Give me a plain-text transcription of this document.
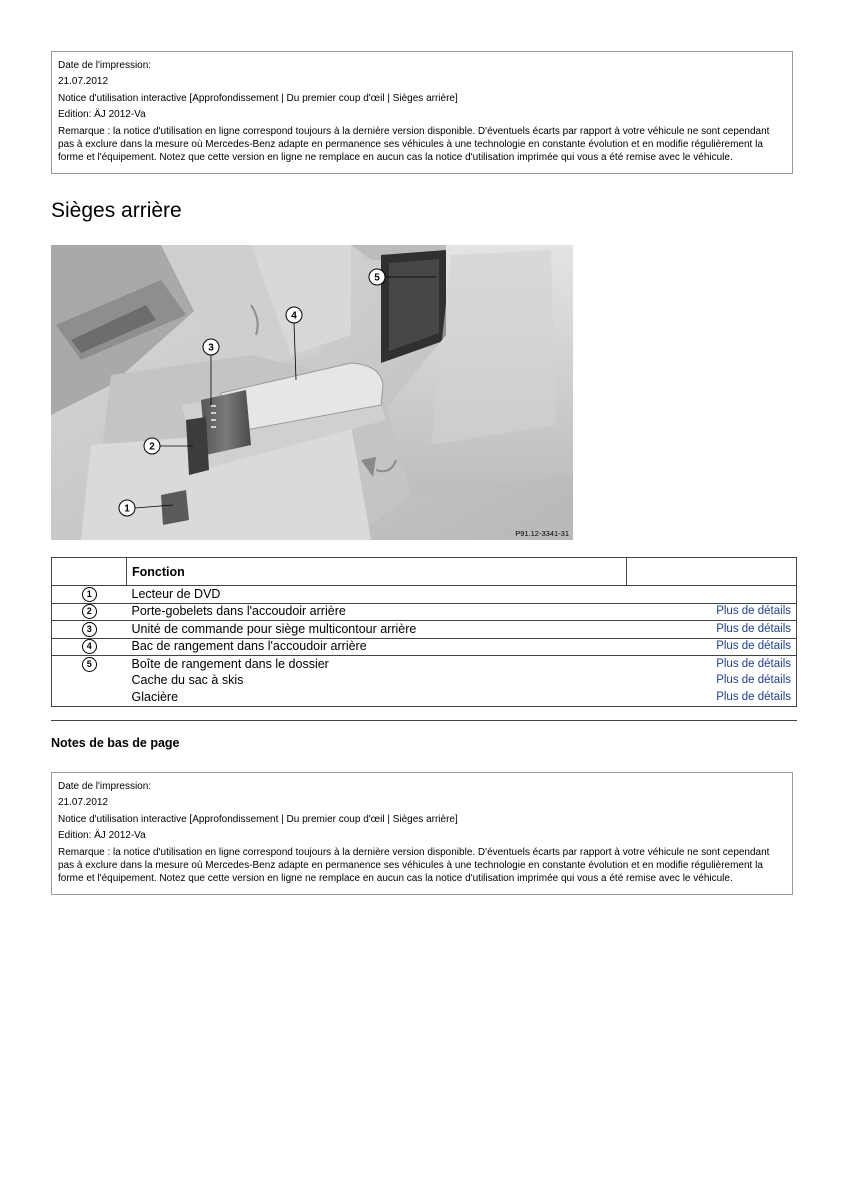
Date de l'impression:

21.07.2012

Notice d'utilisation interactive [Approfondissement | Du premier coup d'œil | Sièges arrière]

Edition: ÄJ 2012-Va

Remarque : la notice d'utilisation en ligne correspond toujours à la dernière version disponible. D'éventuels écarts par rapport à votre véhicule ne sont cependant pas à exclure dans la mesure où Mercedes-Benz adapte en permanence ses véhicules à une technologie en constante évolution et en modifie régulièrement la forme et l'équipement. Notez que cette version en ligne ne remplace en aucun cas la notice d'utilisation imprimée qui vous a été remise avec le véhicule.

Sièges arrière
5
4
3
2
1
P91.12-3341-31
	Fonction	
1	Lecteur de DVD	
2	Porte-gobelets dans l'accoudoir arrière	Plus de détails
3	Unité de commande pour siège multicontour arrière	Plus de détails
4	Bac de rangement dans l'accoudoir arrière	Plus de détails
5	Boîte de rangement dans le dossier	Plus de détails
	Cache du sac à skis	Plus de détails
	Glacière	Plus de détails
Notes de bas de page

Date de l'impression:

21.07.2012

Notice d'utilisation interactive [Approfondissement | Du premier coup d'œil | Sièges arrière]

Edition: ÄJ 2012-Va

Remarque : la notice d'utilisation en ligne correspond toujours à la dernière version disponible. D'éventuels écarts par rapport à votre véhicule ne sont cependant pas à exclure dans la mesure où Mercedes-Benz adapte en permanence ses véhicules à une technologie en constante évolution et en modifie régulièrement la forme et l'équipement. Notez que cette version en ligne ne remplace en aucun cas la notice d'utilisation imprimée qui vous a été remise avec le véhicule.
